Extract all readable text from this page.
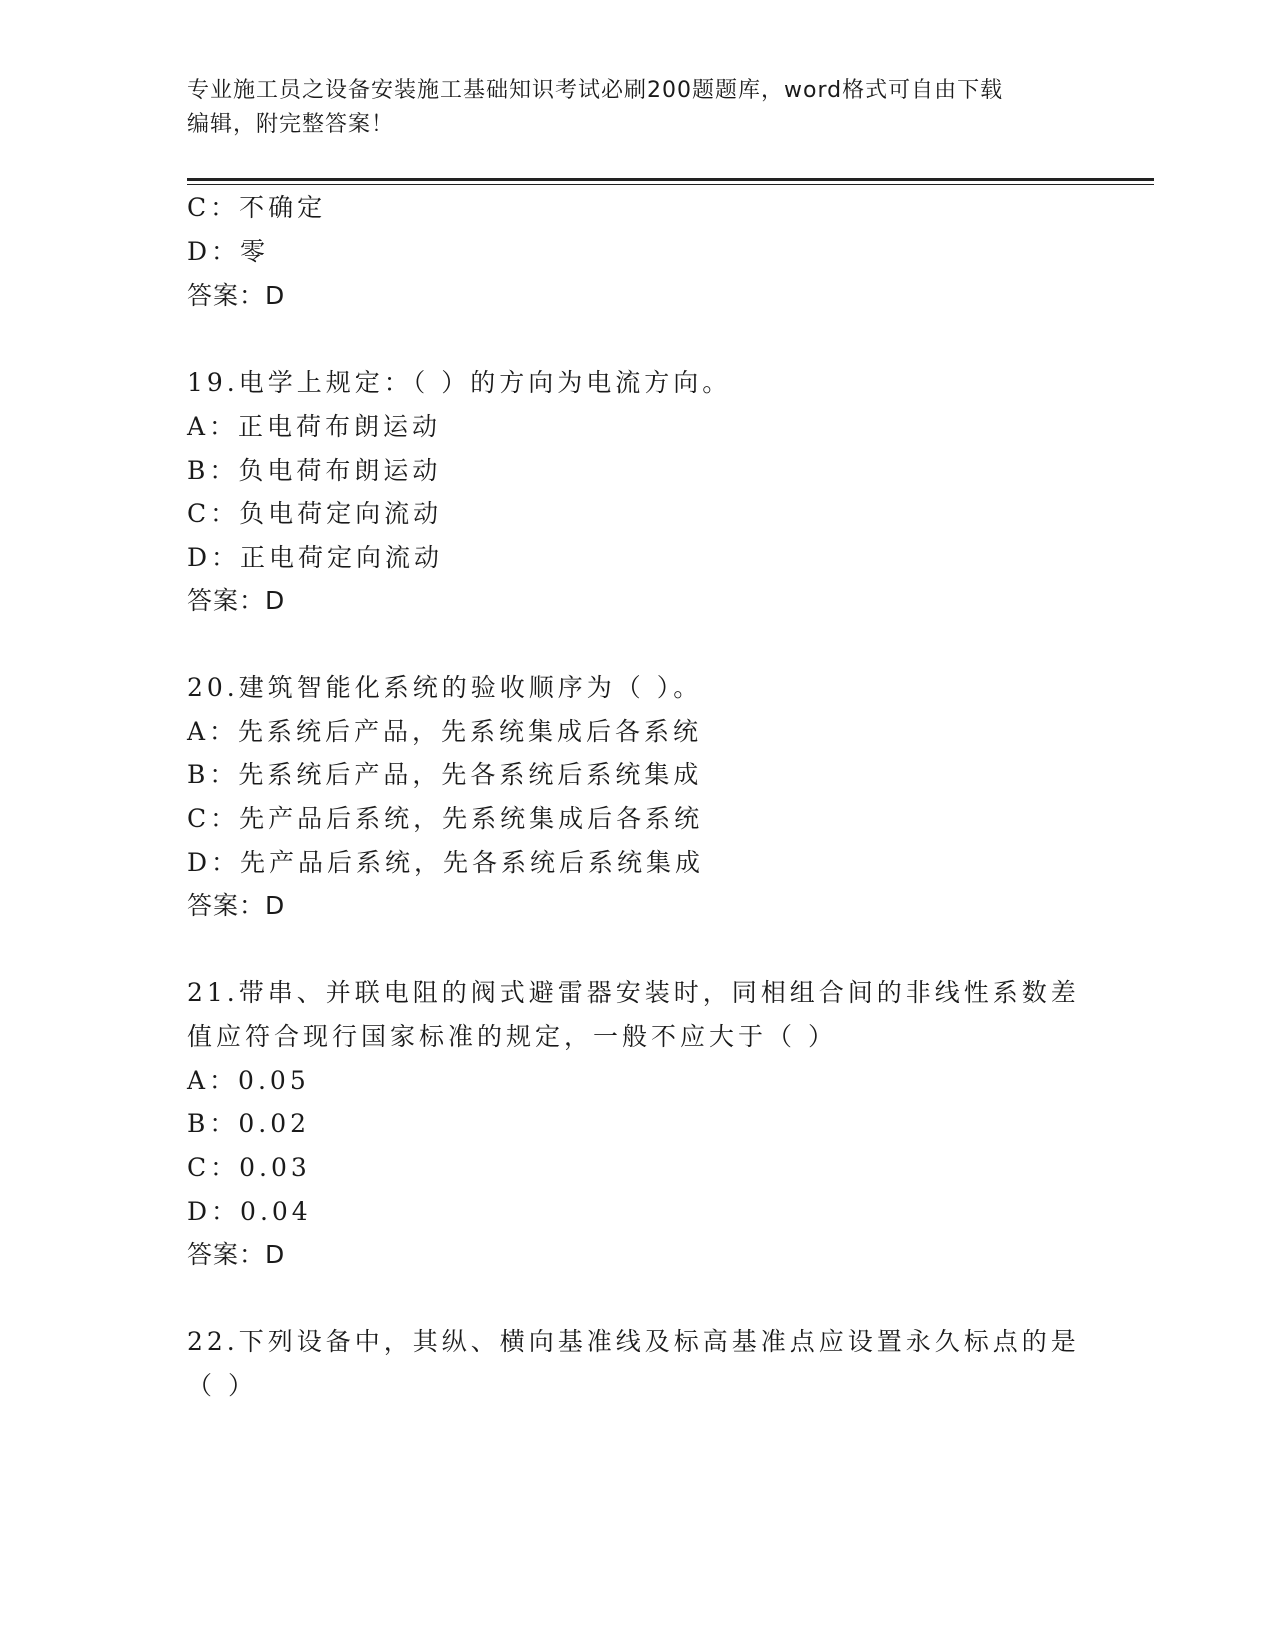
专业施工员之设备安装施工基础知识考试必刷200题题库，word格式可自由下载
编辑，附完整答案！
C：不确定
D：零
答案：D
19.电学上规定：（ ）的方向为电流方向。
A：正电荷布朗运动
B：负电荷布朗运动
C：负电荷定向流动
D：正电荷定向流动
答案：D
20.建筑智能化系统的验收顺序为（ ）。
A：先系统后产品，先系统集成后各系统
B：先系统后产品，先各系统后系统集成
C：先产品后系统，先系统集成后各系统
D：先产品后系统，先各系统后系统集成
答案：D
21.带串、并联电阻的阀式避雷器安装时，同相组合间的非线性系数差
值应符合现行国家标准的规定，一般不应大于（ ）
A：0.05
B：0.02
C：0.03
D：0.04
答案：D
22.下列设备中，其纵、横向基准线及标高基准点应设置永久标点的是
（ ）
